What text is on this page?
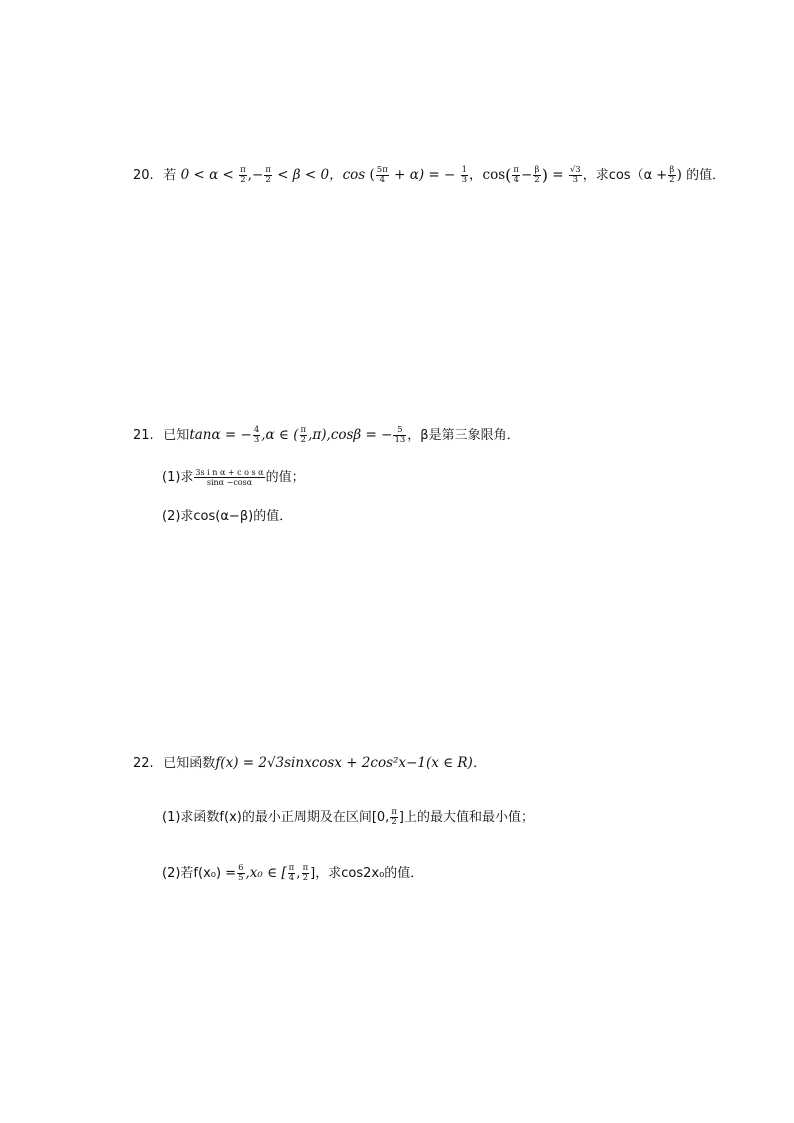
20. 若 $0 < \alpha < \frac{\pi}{2}$ ,− $\frac{\pi}{2} < \beta < 0$，cos ( $\frac{5\pi}{4} + \alpha$) = − $\frac{1}{3}$ ，$\cos( \frac{\pi}{4} - \frac{\beta}{2}$ ) = $\frac{√3}{3}$ ，求$\cos(\alpha + \frac{\beta}{2}$ ) 的值．
21. 已知tanα = − $\frac{4}{3} ,\alpha$ ∈ ( $\frac{\pi}{2} ,\pi),\cos\beta$ = − $\frac{5}{13}$ ，β是第三象限角．
(1)求 $\frac{\text{3s i n α + c o s α}}{\sin\alpha -\cos\alpha}$ 的值；
(2)求cos(α−β)的值．
22. 已知函数f(x) = 2√3sinxcosx + 2cos²x−1(x ∈ R)．
(1)求函数f(x)的最小正周期及在区间[0, $\frac{\pi}{2}$ ]上的最大值和最小值；
(2)若$f(x_0) = \frac{6}{5} ,x_0$ ∈ [ $\frac{\pi}{4}$ , $\frac{\pi}{2}$ ]，求cos2x₀的值．
